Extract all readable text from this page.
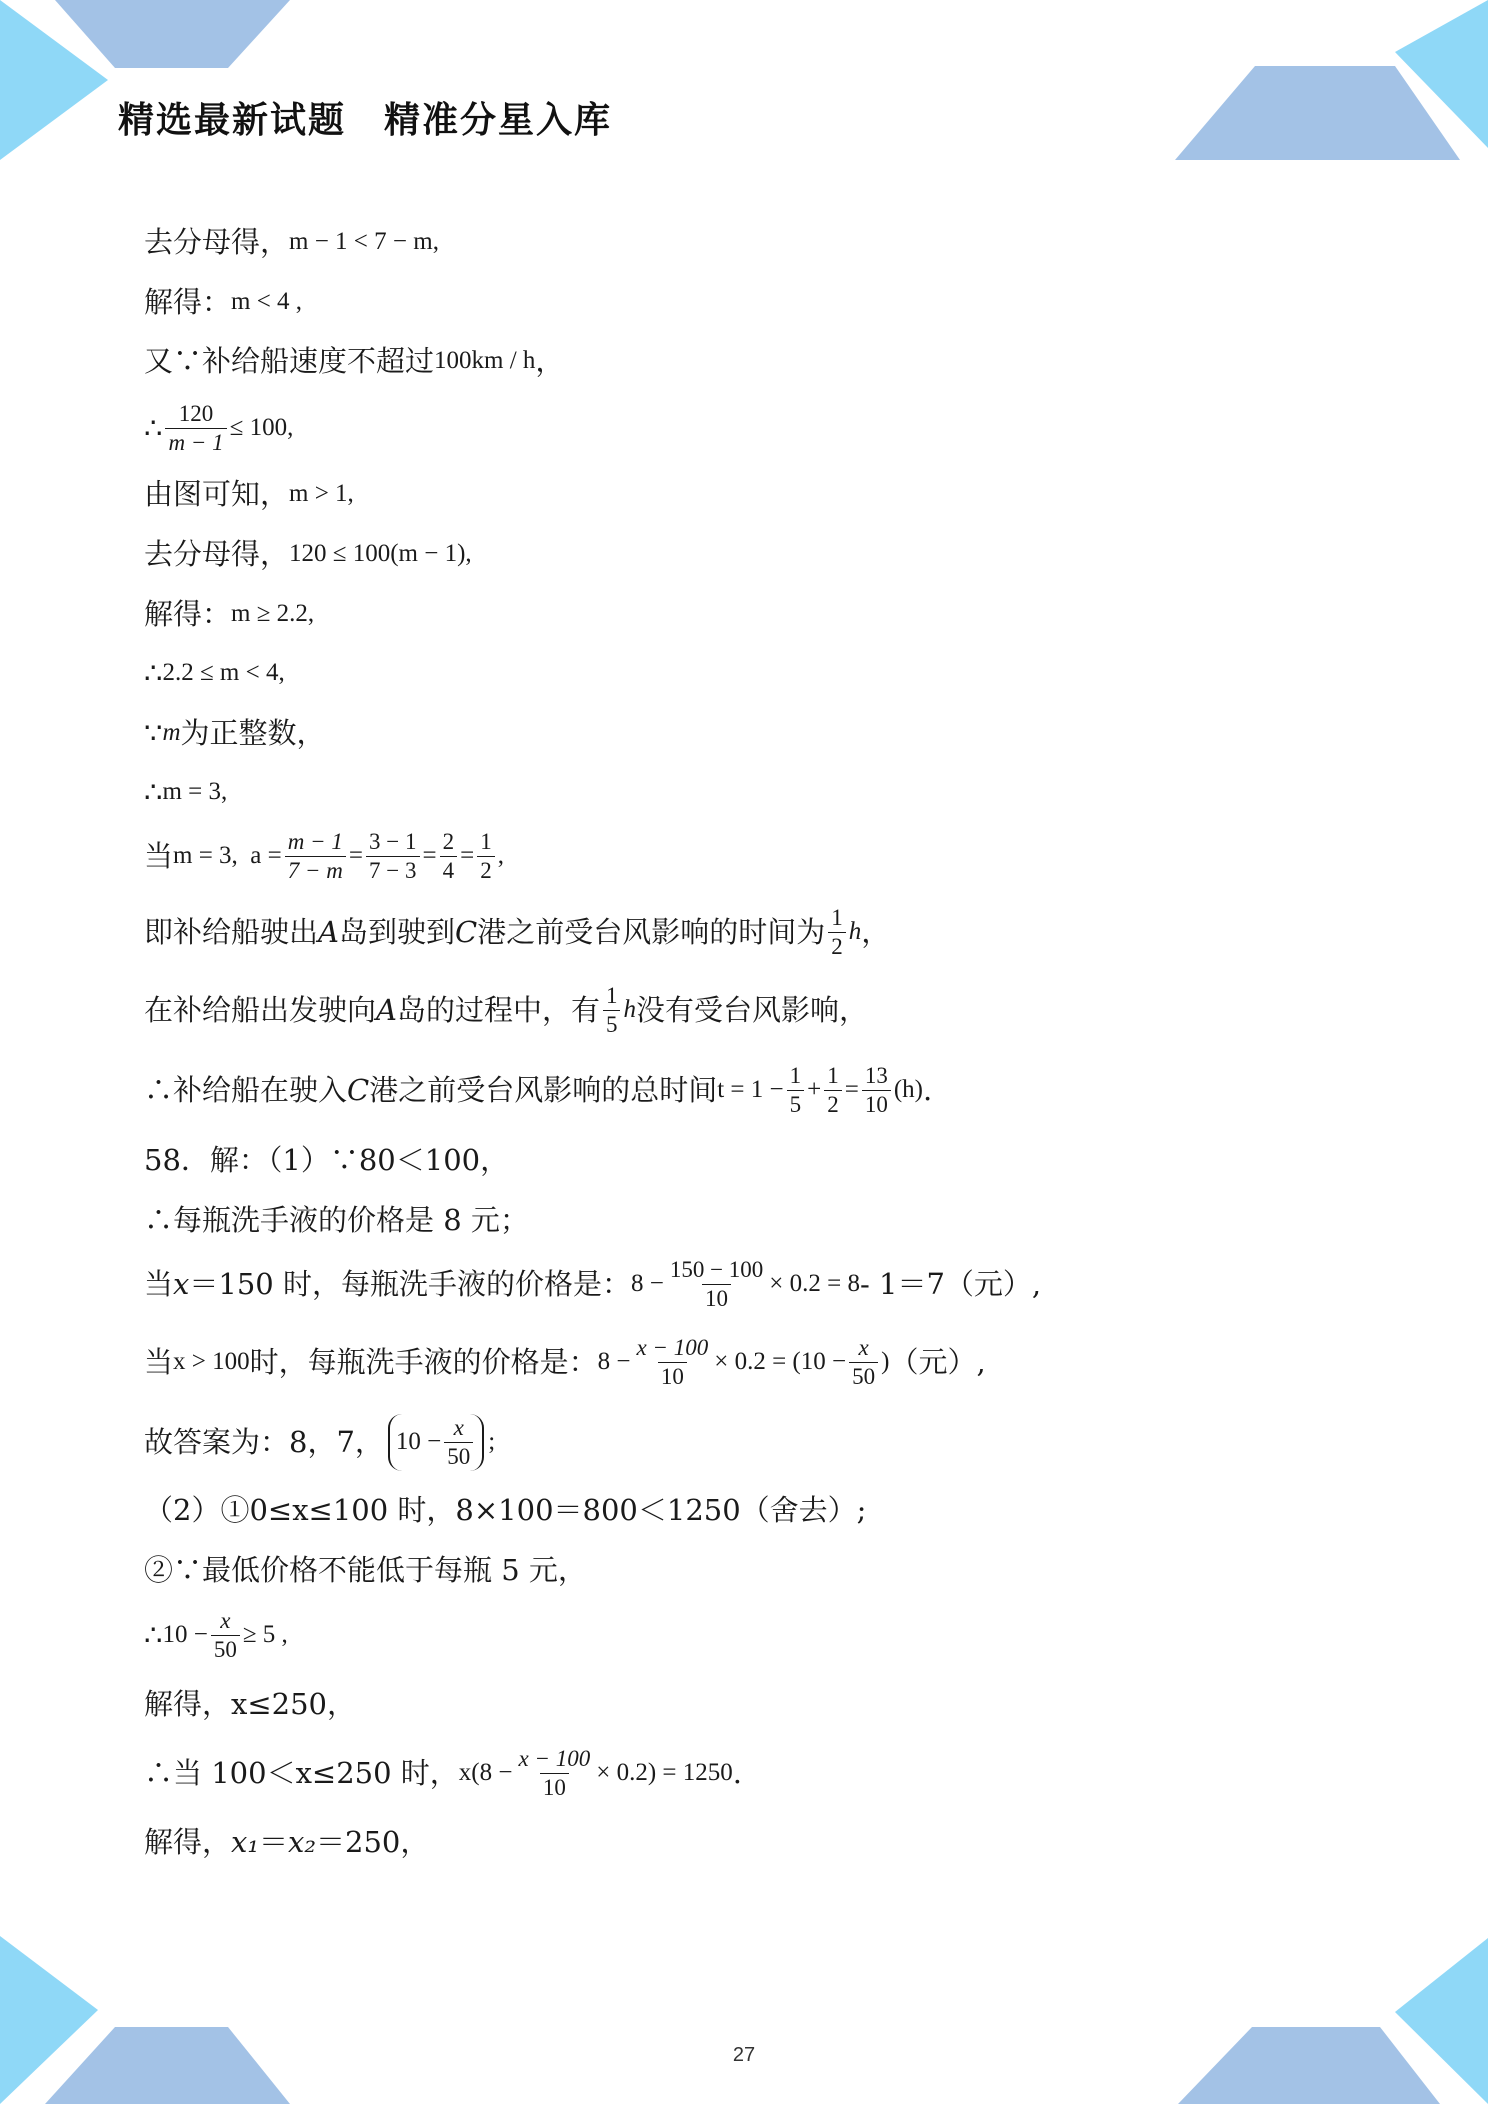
精选最新试题　精准分星入库
去分母得， m − 1 < 7 − m,
解得： m < 4 ,
又∵补给船速度不超过 100km / h ，
∴ $\frac{120}{m - 1} \le 100$,
由图可知， m > 1,
去分母得， 120 ≤ 100(m − 1),
解得： m ≥ 2.2,
∴ 2.2 ≤ m < 4,
∵ m 为正整数，
∴ m = 3,
当 m = 3,  $a = \frac{m - 1}{7 - m} = \frac{3 - 1}{7 - 3} = \frac{2}{4} = \frac{1}{2}$ ,
即补给船驶出 A 岛到驶到 C 港之前受台风影响的时间为 $\frac{1}{2}$ h ，
在补给船出发驶向 A 岛的过程中，有 $\frac{1}{5}$ h 没有受台风影响，
∴补给船在驶入 C 港之前受台风影响的总时间 $t = 1 - \frac{1}{5} + \frac{1}{2} = \frac{13}{10} (h)$ .
58．解：（1）∵80＜100，
∴每瓶洗手液的价格是 8 元；
当 x ＝150 时，每瓶洗手液的价格是： $8 - \frac{150 - 100}{10} \times 0.2 = 8 - 1=7$（元）,
当 x > 100 时，每瓶洗手液的价格是： $8 - \frac{x - 100}{10} \times 0.2 = (10 - \frac{x}{50}$ ) （元）,
故答案为：8，7， $10 - \frac{x}{50}$ ;
（2）①0≤x≤100 时，8×100＝800＜1250（舍去）;
②∵最低价格不能低于每瓶 5 元，
∴ $10 - \frac{x}{50} \ge 5$ ,
解得，x≤250，
∴当 100＜x≤250 时， $x(8 - \frac{x - 100}{10} \times 0.2) = 1250$ .
解得， x₁ ＝ x₂ ＝250，
27
